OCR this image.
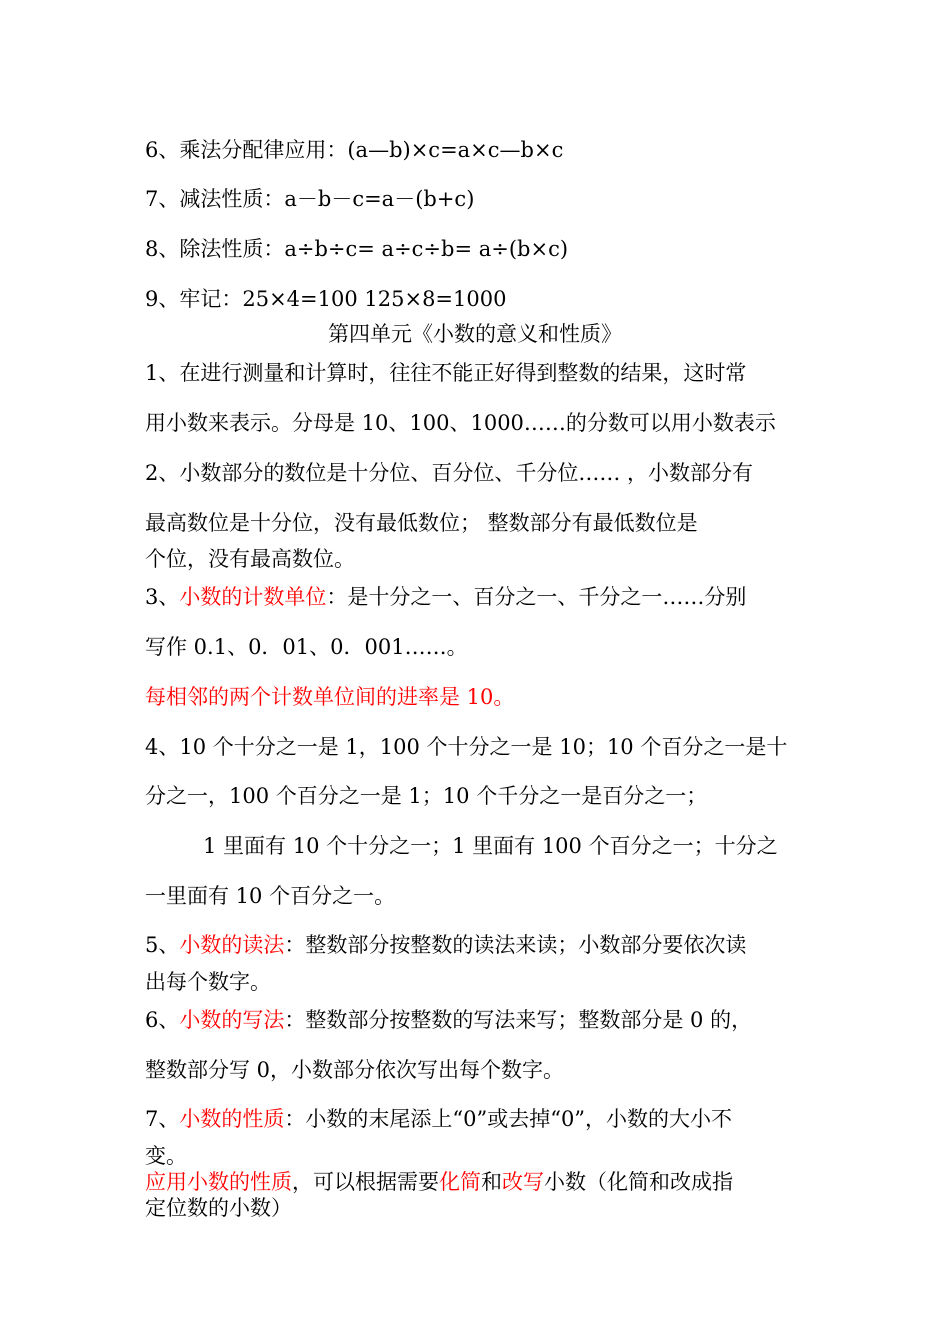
6、乘法分配律应用：(a—b)×c=a×c—b×c
7、减法性质：a－b－c=a－(b+c)
8、除法性质：a÷b÷c= a÷c÷b= a÷(b×c)
9、牢记：25×4=100 125×8=1000
第四单元《小数的意义和性质》
1、在进行测量和计算时，往往不能正好得到整数的结果，这时常
用小数来表示。分母是 10、100、1000……的分数可以用小数表示
2、小数部分的数位是十分位、百分位、千分位…… ，小数部分有
最高数位是十分位，没有最低数位； 整数部分有最低数位是
个位，没有最高数位。
3、小数的计数单位：是十分之一、百分之一、千分之一……分别
写作 0.1、0．01、0．001……。
每相邻的两个计数单位间的进率是 10。
4、10 个十分之一是 1，100 个十分之一是 10；10 个百分之一是十
分之一，100 个百分之一是 1；10 个千分之一是百分之一；
1 里面有 10 个十分之一；1 里面有 100 个百分之一；十分之
一里面有 10 个百分之一。
5、小数的读法：整数部分按整数的读法来读；小数部分要依次读
出每个数字。
6、小数的写法：整数部分按整数的写法来写；整数部分是 0 的，
整数部分写 0，小数部分依次写出每个数字。
7、小数的性质：小数的末尾添上“0”或去掉“0”，小数的大小不
变。
应用小数的性质，可以根据需要化简和改写小数（化简和改成指
定位数的小数）
